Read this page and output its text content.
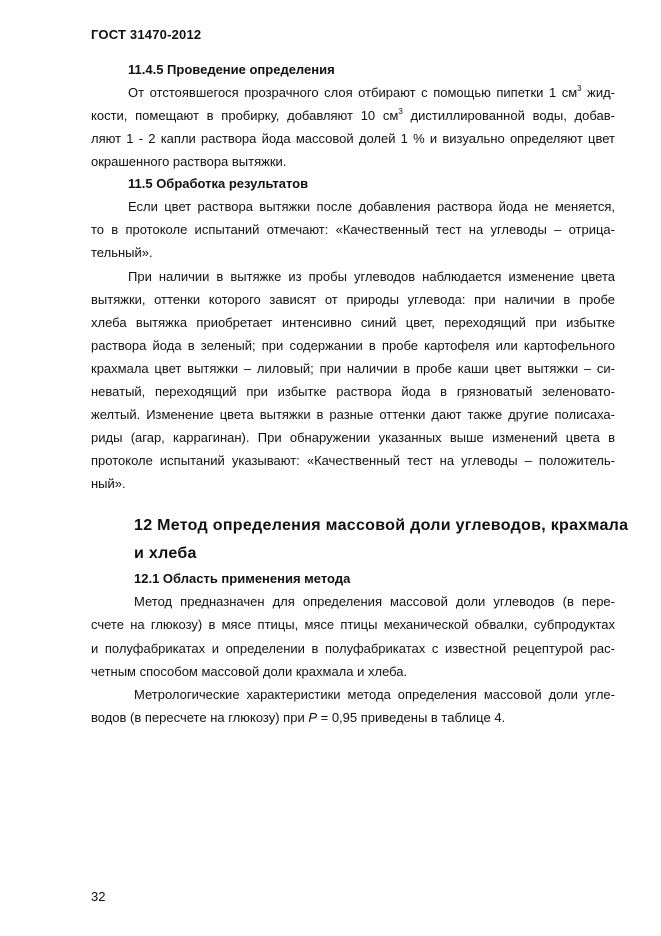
ГОСТ 31470-2012
11.4.5 Проведение определения
От отстоявшегося прозрачного слоя отбирают с помощью пипетки 1 $см^3$ жид-
кости, помещают в пробирку, добавляют 10 $см^3$ дистиллированной воды, добав-
ляют 1 - 2 капли раствора йода массовой долей 1 % и визуально определяют цвет
окрашенного раствора вытяжки.
11.5 Обработка результатов
Если цвет раствора вытяжки после добавления раствора йода не меняется,
то в протоколе испытаний отмечают: «Качественный тест на углеводы – отрица-
тельный».
При наличии в вытяжке из пробы углеводов наблюдается изменение цвета
вытяжки, оттенки которого зависят от природы углевода: при наличии в пробе
хлеба вытяжка приобретает интенсивно синий цвет, переходящий при избытке
раствора йода в зеленый; при содержании в пробе картофеля или картофельного
крахмала цвет вытяжки – лиловый; при наличии в пробе каши цвет вытяжки – си-
неватый, переходящий при избытке раствора йода в грязноватый зеленовато-
желтый. Изменение цвета вытяжки в разные оттенки дают также другие полисаха-
риды (агар, каррагинан). При обнаружении указанных выше изменений цвета в
протоколе испытаний указывают: «Качественный тест на углеводы – положитель-
ный».
12 Метод определения массовой доли углеводов, крахмала
и хлеба
12.1 Область применения метода
Метод предназначен для определения массовой доли углеводов (в пере-
счете на глюкозу) в мясе птицы, мясе птицы механической обвалки, субпродуктах
и полуфабрикатах и определении в полуфабрикатах с известной рецептурой рас-
четным способом массовой доли крахмала и хлеба.
Метрологические характеристики метода определения массовой доли угле-
водов (в пересчете на глюкозу) при P = 0,95 приведены в таблице 4.
32
